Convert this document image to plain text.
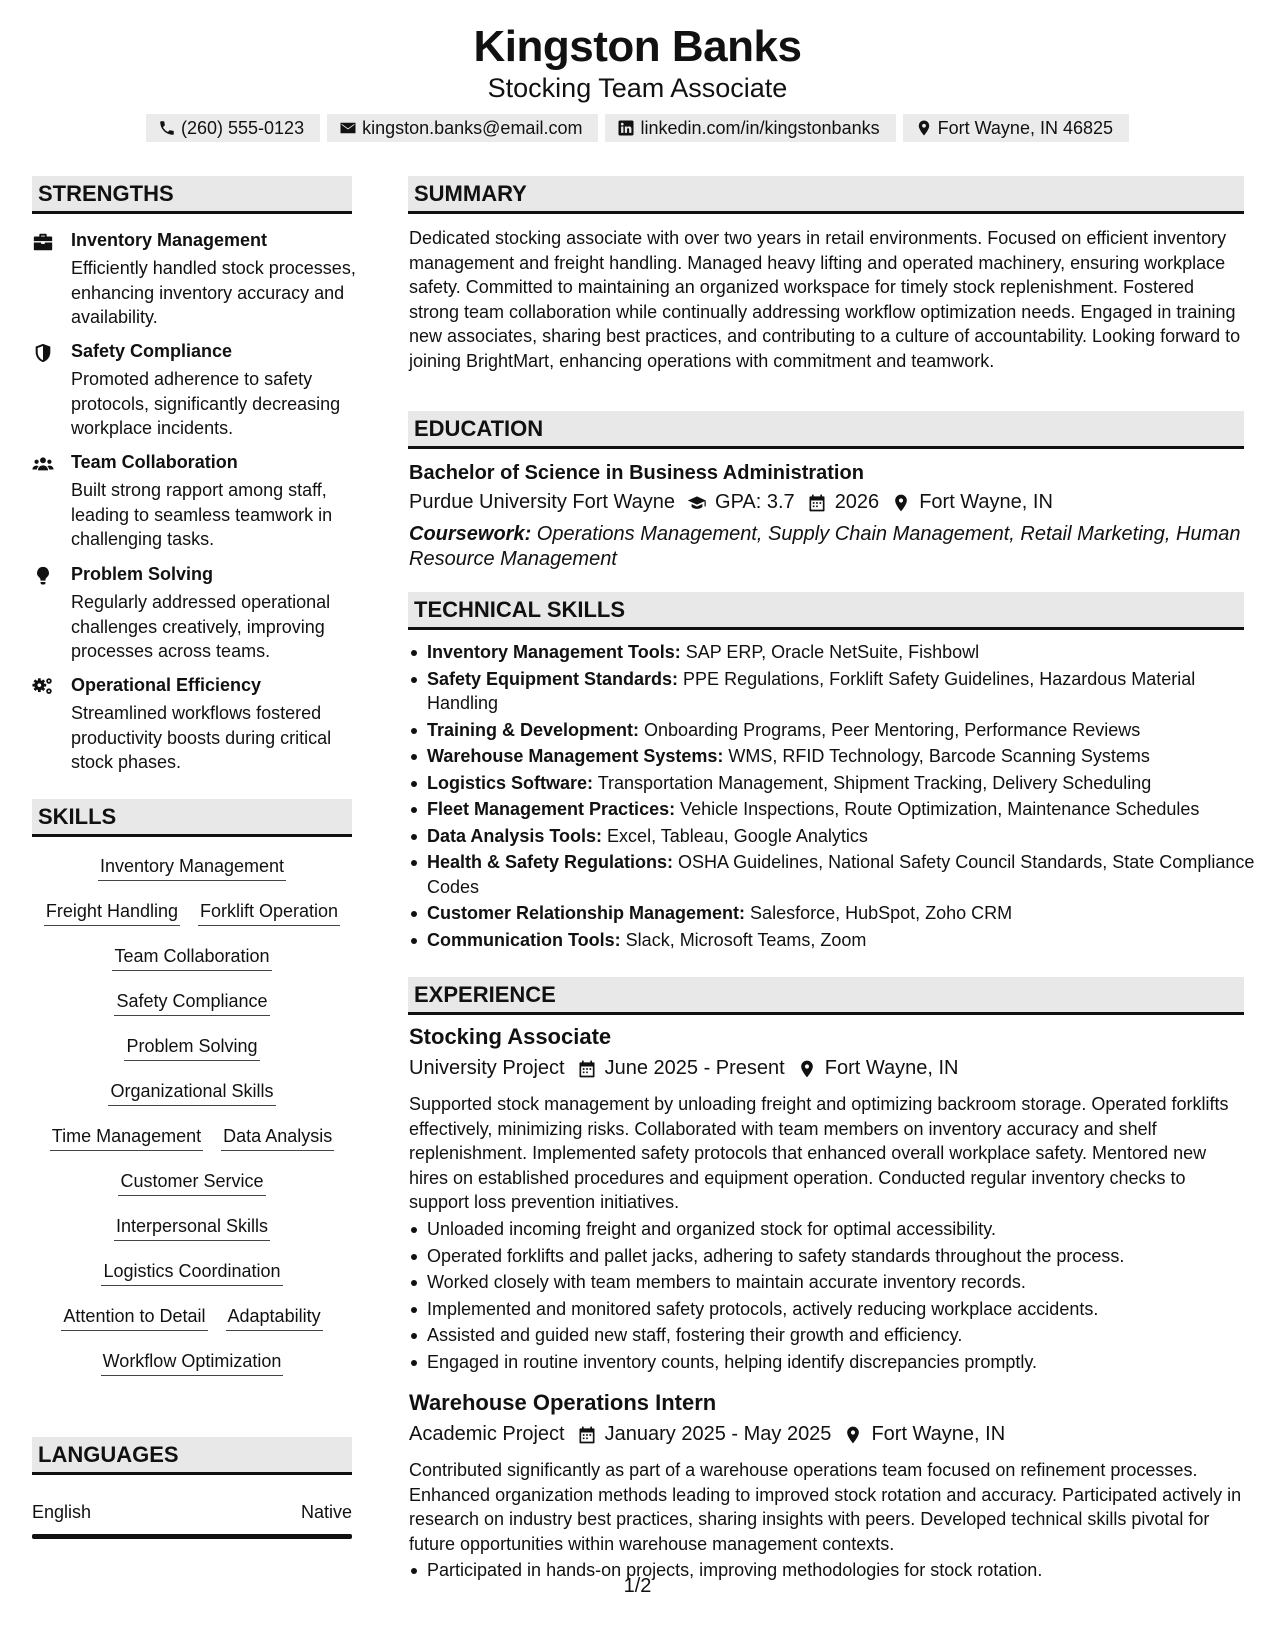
Kingston Banks
Stocking Team Associate
(260) 555-0123	kingston.banks@email.com	linkedin.com/in/kingstonbanks	Fort Wayne, IN 46825
STRENGTHS
Inventory Management
Efficiently handled stock processes, enhancing inventory accuracy and availability.
Safety Compliance
Promoted adherence to safety protocols, significantly decreasing workplace incidents.
Team Collaboration
Built strong rapport among staff, leading to seamless teamwork in challenging tasks.
Problem Solving
Regularly addressed operational challenges creatively, improving processes across teams.
Operational Efficiency
Streamlined workflows fostered productivity boosts during critical stock phases.
SKILLS
Inventory Management
Freight Handling Forklift Operation
Team Collaboration
Safety Compliance
Problem Solving
Organizational Skills
Time Management Data Analysis
Customer Service
Interpersonal Skills
Logistics Coordination
Attention to Detail Adaptability
Workflow Optimization
LANGUAGES
English	Native
SUMMARY
Dedicated stocking associate with over two years in retail environments. Focused on efficient inventory management and freight handling. Managed heavy lifting and operated machinery, ensuring workplace safety. Committed to maintaining an organized workspace for timely stock replenishment. Fostered strong team collaboration while continually addressing workflow optimization needs. Engaged in training new associates, sharing best practices, and contributing to a culture of accountability. Looking forward to joining BrightMart, enhancing operations with commitment and teamwork.
EDUCATION
Bachelor of Science in Business Administration
Purdue University Fort Wayne GPA: 3.7 2026 Fort Wayne, IN
Coursework: Operations Management, Supply Chain Management, Retail Marketing, Human Resource Management
TECHNICAL SKILLS
Inventory Management Tools: SAP ERP, Oracle NetSuite, Fishbowl
Safety Equipment Standards: PPE Regulations, Forklift Safety Guidelines, Hazardous Material Handling
Training & Development: Onboarding Programs, Peer Mentoring, Performance Reviews
Warehouse Management Systems: WMS, RFID Technology, Barcode Scanning Systems
Logistics Software: Transportation Management, Shipment Tracking, Delivery Scheduling
Fleet Management Practices: Vehicle Inspections, Route Optimization, Maintenance Schedules
Data Analysis Tools: Excel, Tableau, Google Analytics
Health & Safety Regulations: OSHA Guidelines, National Safety Council Standards, State Compliance Codes
Customer Relationship Management: Salesforce, HubSpot, Zoho CRM
Communication Tools: Slack, Microsoft Teams, Zoom
EXPERIENCE
Stocking Associate
University Project June 2025 - Present Fort Wayne, IN
Supported stock management by unloading freight and optimizing backroom storage. Operated forklifts effectively, minimizing risks. Collaborated with team members on inventory accuracy and shelf replenishment. Implemented safety protocols that enhanced overall workplace safety. Mentored new hires on established procedures and equipment operation. Conducted regular inventory checks to support loss prevention initiatives.
Unloaded incoming freight and organized stock for optimal accessibility.
Operated forklifts and pallet jacks, adhering to safety standards throughout the process.
Worked closely with team members to maintain accurate inventory records.
Implemented and monitored safety protocols, actively reducing workplace accidents.
Assisted and guided new staff, fostering their growth and efficiency.
Engaged in routine inventory counts, helping identify discrepancies promptly.
Warehouse Operations Intern
Academic Project January 2025 - May 2025 Fort Wayne, IN
Contributed significantly as part of a warehouse operations team focused on refinement processes. Enhanced organization methods leading to improved stock rotation and accuracy. Participated actively in research on industry best practices, sharing insights with peers. Developed technical skills pivotal for future opportunities within warehouse management contexts.
Participated in hands-on projects, improving methodologies for stock rotation.
1/2
